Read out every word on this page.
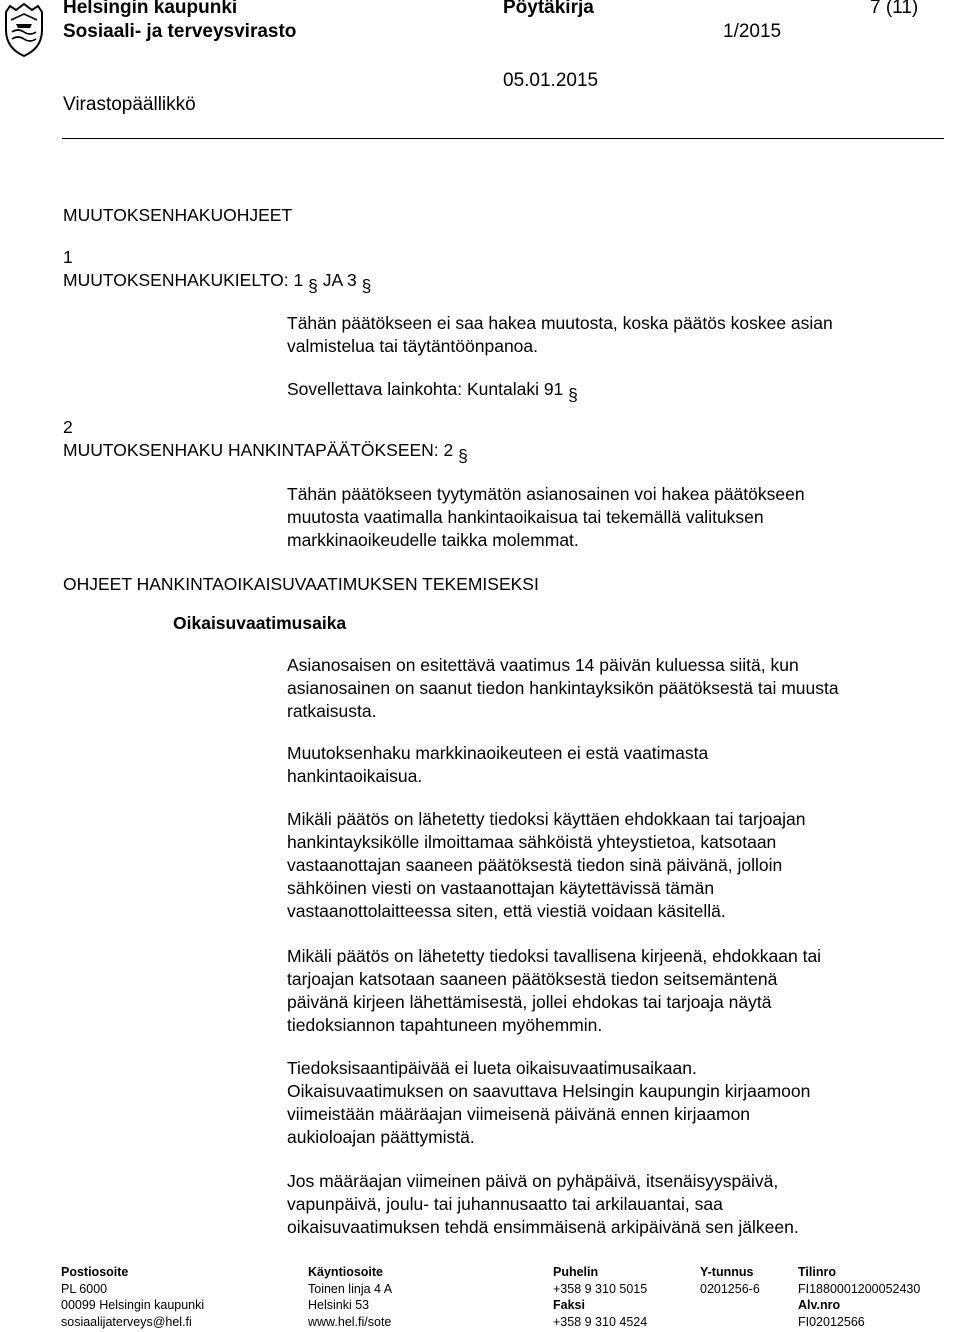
Helsingin kaupunki
Sosiaali- ja terveysvirasto
Pöytäkirja	7 (11)
1/2015
05.01.2015
Virastopäällikkö
MUUTOKSENHAKUOHJEET
1
MUUTOKSENHAKUKIELTO: 1 § JA 3 §
Tähän päätökseen ei saa hakea muutosta, koska päätös koskee asian
valmistelua tai täytäntöönpanoa.
Sovellettava lainkohta: Kuntalaki 91 §
2
MUUTOKSENHAKU HANKINTAPÄÄTÖKSEEN: 2 §
Tähän päätökseen tyytymätön asianosainen voi hakea päätökseen
muutosta vaatimalla hankintaoikaisua tai tekemällä valituksen
markkinaoikeudelle taikka molemmat.
OHJEET HANKINTAOIKAISUVAATIMUKSEN TEKEMISEKSI
Oikaisuvaatimusaika
Asianosaisen on esitettävä vaatimus 14 päivän kuluessa siitä, kun
asianosainen on saanut tiedon hankintayksikön päätöksestä tai muusta
ratkaisusta.
Muutoksenhaku markkinaoikeuteen ei estä vaatimasta
hankintaoikaisua.
Mikäli päätös on lähetetty tiedoksi käyttäen ehdokkaan tai tarjoajan
hankintayksikölle ilmoittamaa sähköistä yhteystietoa, katsotaan
vastaanottajan saaneen päätöksestä tiedon sinä päivänä, jolloin
sähköinen viesti on vastaanottajan käytettävissä tämän
vastaanottolaitteessa siten, että viestiä voidaan käsitellä.
Mikäli päätös on lähetetty tiedoksi tavallisena kirjeenä, ehdokkaan tai
tarjoajan katsotaan saaneen päätöksestä tiedon seitsemäntenä
päivänä kirjeen lähettämisestä, jollei ehdokas tai tarjoaja näytä
tiedoksiannon tapahtuneen myöhemmin.
Tiedoksisaantipäivää ei lueta oikaisuvaatimusaikaan.
Oikaisuvaatimuksen on saavuttava Helsingin kaupungin kirjaamoon
viimeistään määräajan viimeisenä päivänä ennen kirjaamon
aukioloajan päättymistä.
Jos määräajan viimeinen päivä on pyhäpäivä, itsenäisyyspäivä,
vapunpäivä, joulu- tai juhannusaatto tai arkilauantai, saa
oikaisuvaatimuksen tehdä ensimmäisenä arkipäivänä sen jälkeen.
Postiosoite
PL 6000
00099 Helsingin kaupunki
sosiaalijaterveys@hel.fi
Käyntiosoite
Toinen linja 4 A
Helsinki 53
www.hel.fi/sote
Puhelin
+358 9 310 5015
Faksi
+358 9 310 4524
Y-tunnus
0201256-6
Tilinro
FI1880001200052430
Alv.nro
FI02012566
